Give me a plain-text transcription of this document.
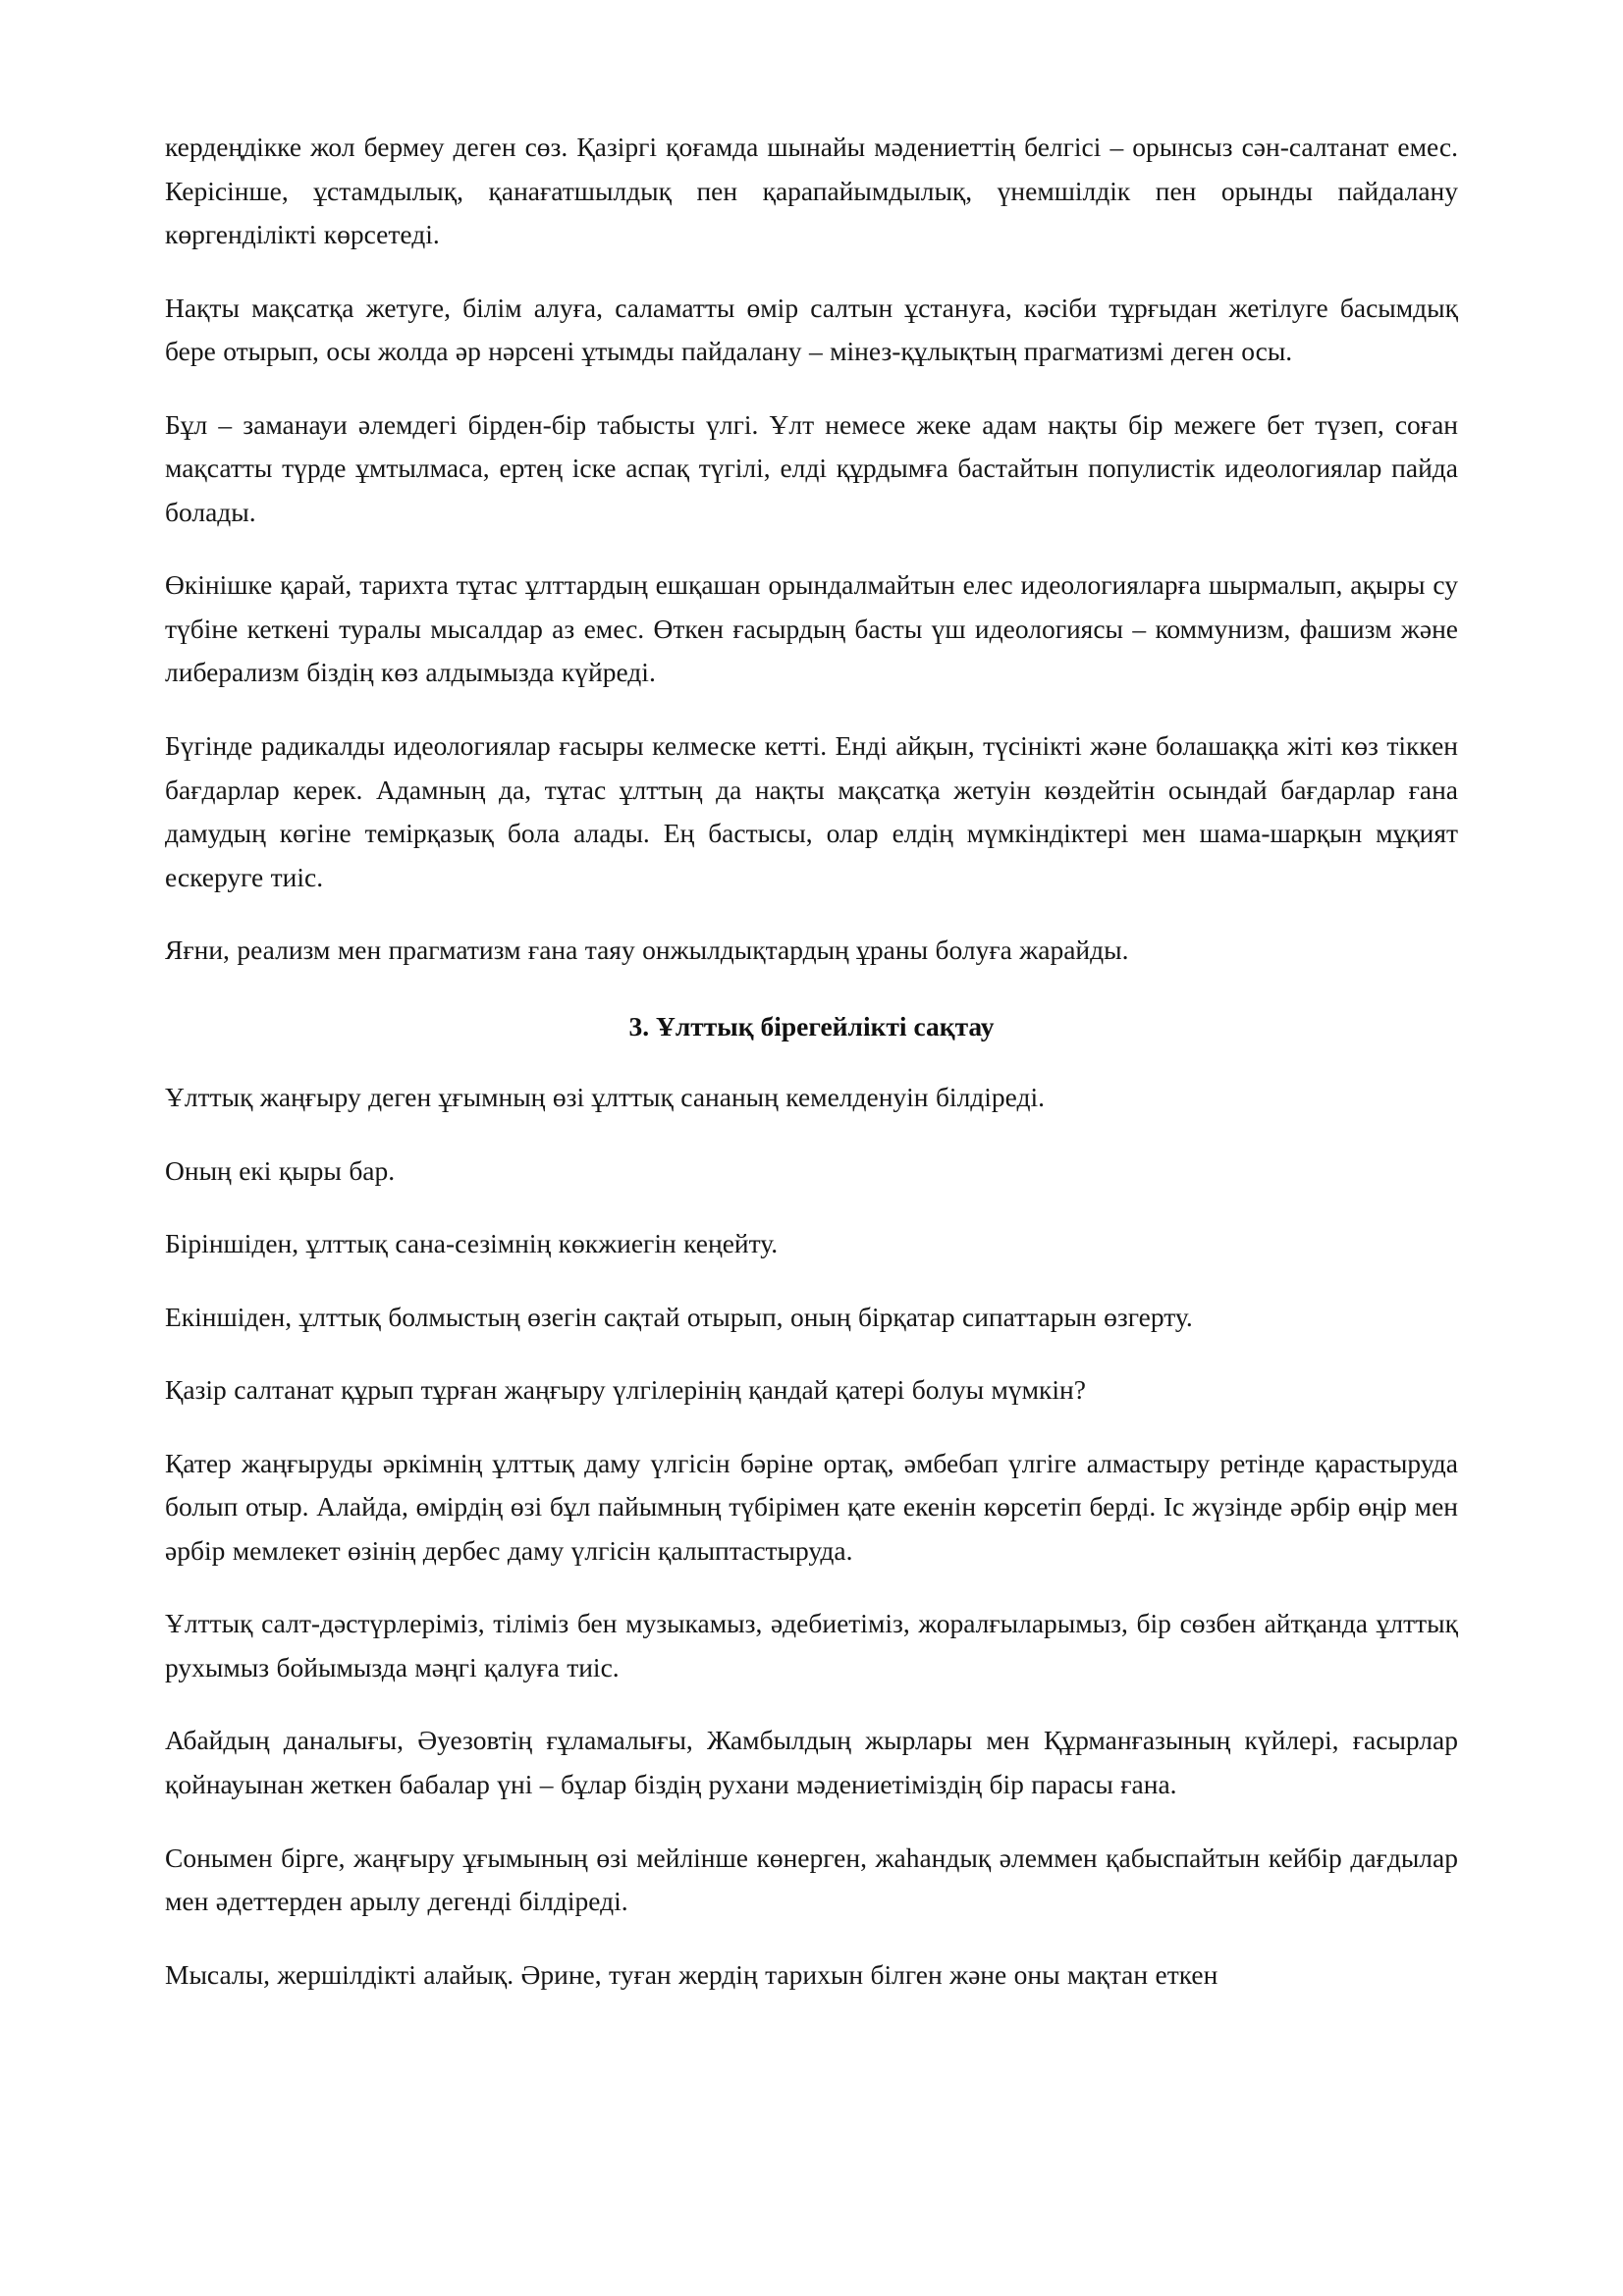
кердеңдікке жол бермеу деген сөз. Қазіргі қоғамда шынайы мәдениеттің белгісі – орынсыз сән-салтанат емес. Керісінше, ұстамдылық, қанағатшылдық пен қарапайымдылық, үнемшілдік пен орынды пайдалану көргенділікті көрсетеді.

Нақты мақсатқа жетуге, білім алуға, саламатты өмір салтын ұстануға, кәсіби тұрғыдан жетілуге басымдық бере отырып, осы жолда әр нәрсені ұтымды пайдалану – мінез-құлықтың прагматизмі деген осы.

Бұл – заманауи әлемдегі бірден-бір табысты үлгі. Ұлт немесе жеке адам нақты бір межеге бет түзеп, соған мақсатты түрде ұмтылмаса, ертең іске аспақ түгілі, елді құрдымға бастайтын популистік идеологиялар пайда болады.

Өкінішке қарай, тарихта тұтас ұлттардың ешқашан орындалмайтын елес идеологияларға шырмалып, ақыры су түбіне кеткені туралы мысалдар аз емес. Өткен ғасырдың басты үш идеологиясы – коммунизм, фашизм және либерализм біздің көз алдымызда күйреді.

Бүгінде радикалды идеологиялар ғасыры келмеске кетті. Енді айқын, түсінікті және болашаққа жіті көз тіккен бағдарлар керек. Адамның да, тұтас ұлттың да нақты мақсатқа жетуін көздейтін осындай бағдарлар ғана дамудың көгіне темірқазық бола алады. Ең бастысы, олар елдің мүмкіндіктері мен шама-шарқын мұқият ескеруге тиіс.

Яғни, реализм мен прагматизм ғана таяу онжылдықтардың ұраны болуға жарайды.

3. Ұлттық бірегейлікті сақтау

Ұлттық жаңғыру деген ұғымның өзі ұлттық сананың кемелденуін білдіреді.

Оның екі қыры бар.

Біріншіден, ұлттық сана-сезімнің көкжиегін кеңейту.

Екіншіден, ұлттық болмыстың өзегін сақтай отырып, оның бірқатар сипаттарын өзгерту.

Қазір салтанат құрып тұрған жаңғыру үлгілерінің қандай қатері болуы мүмкін?

Қатер жаңғыруды әркімнің ұлттық даму үлгісін бәріне ортақ, әмбебап үлгіге алмастыру ретінде қарастыруда болып отыр. Алайда, өмірдің өзі бұл пайымның түбірімен қате екенін көрсетіп берді. Іс жүзінде әрбір өңір мен әрбір мемлекет өзінің дербес даму үлгісін қалыптастыруда.

Ұлттық салт-дәстүрлеріміз, тіліміз бен музыкамыз, әдебиетіміз, жоралғыларымыз, бір сөзбен айтқанда ұлттық рухымыз бойымызда мәңгі қалуға тиіс.

Абайдың даналығы, Әуезовтің ғұламалығы, Жамбылдың жырлары мен Құрманғазының күйлері, ғасырлар қойнауынан жеткен бабалар үні – бұлар біздің рухани мәдениетіміздің бір парасы ғана.

Сонымен бірге, жаңғыру ұғымының өзі мейлінше көнерген, жаһандық әлеммен қабыспайтын кейбір дағдылар мен әдеттерден арылу дегенді білдіреді.

Мысалы, жершілдікті алайық. Әрине, туған жердің тарихын білген және оны мақтан еткен
